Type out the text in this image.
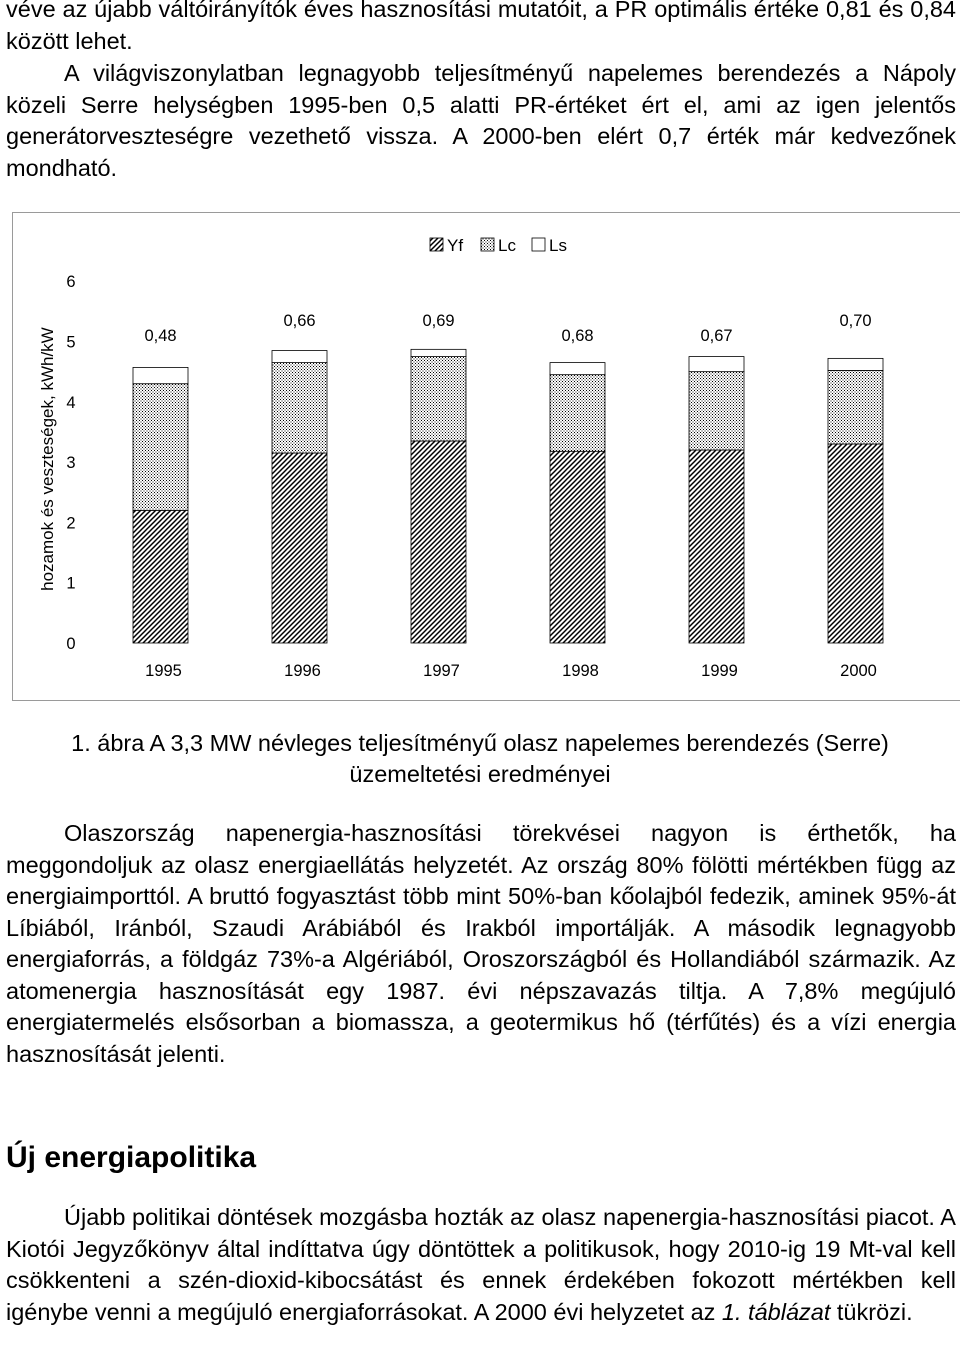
véve az újabb váltóirányítók éves hasznosítási mutatóit, a PR optimális értéke 0,81 és 0,84 között lehet.

A világviszonylatban legnagyobb teljesítményű napelemes berendezés a Nápoly közeli Serre helységben 1995-ben 0,5 alatti PR-értéket ért el, ami az igen jelentős generátorveszteségre vezethető vissza. A 2000-ben elért 0,7 érték már kedvezőnek mondható.

Yf Lc Ls
hozamok és veszteségek, kWh/kW
0
1
2
3
4
5
6
0,48
0,66	0,69
0,68	0,67
0,70
1995	1996	1997	1998	1999	2000

1. ábra A 3,3 MW névleges teljesítményű olasz napelemes berendezés (Serre) üzemeltetési eredményei

Olaszország napenergia-hasznosítási törekvései nagyon is érthetők, ha meggondoljuk az olasz energiaellátás helyzetét. Az ország 80% fölötti mértékben függ az energiaimporttól. A bruttó fogyasztást több mint 50%-ban kőolajból fedezik, aminek 95%-át Líbiából, Iránból, Szaudi Arábiából és Irakból importálják. A második legnagyobb energiaforrás, a földgáz 73%-a Algériából, Oroszországból és Hollandiából származik. Az atomenergia hasznosítását egy 1987. évi népszavazás tiltja. A 7,8% megújuló energiatermelés elsősorban a biomassza, a geotermikus hő (térfűtés) és a vízi energia hasznosítását jelenti.

Új energiapolitika

Újabb politikai döntések mozgásba hozták az olasz napenergia-hasznosítási piacot. A Kiotói Jegyzőkönyv által indíttatva úgy döntöttek a politikusok, hogy 2010-ig 19 Mt-val kell csökkenteni a szén-dioxid-kibocsátást és ennek érdekében fokozott mértékben kell igénybe venni a megújuló energiaforrásokat. A 2000 évi helyzetet az 1. táblázat tükrözi.
